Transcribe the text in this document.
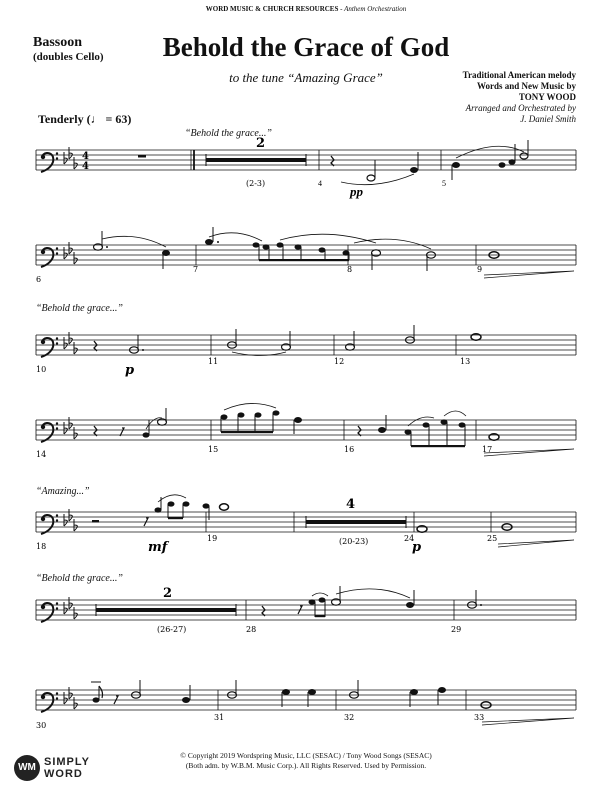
WORD MUSIC & CHURCH RESOURCES - Anthem Orchestration
Bassoon
(doubles Cello)	Behold the Grace of God
to the tune “Amazing Grace”	Traditional American melody
Words and New Music by
TONY WOOD
Arranged and Orchestrated by
J. Daniel Smith
Tenderly (♩ = 63)
“Behold the grace...”
“Behold the grace...”
“Amazing...”
“Behold the grace...”
4
4
2
(2-3)	4	5
pp
6
7	8	9
10
11	12	13
p
14
15	16	17
18
19	24	25
mf	p
4
(20-23)
2
(26-27)	28	29
30
31	32	33
© Copyright 2019 Wordspring Music, LLC (SESAC) / Tony Wood Songs (SESAC)
(Both adm. by W.B.M. Music Corp.). All Rights Reserved. Used by Permission.
WM SIMPLY
WORD
